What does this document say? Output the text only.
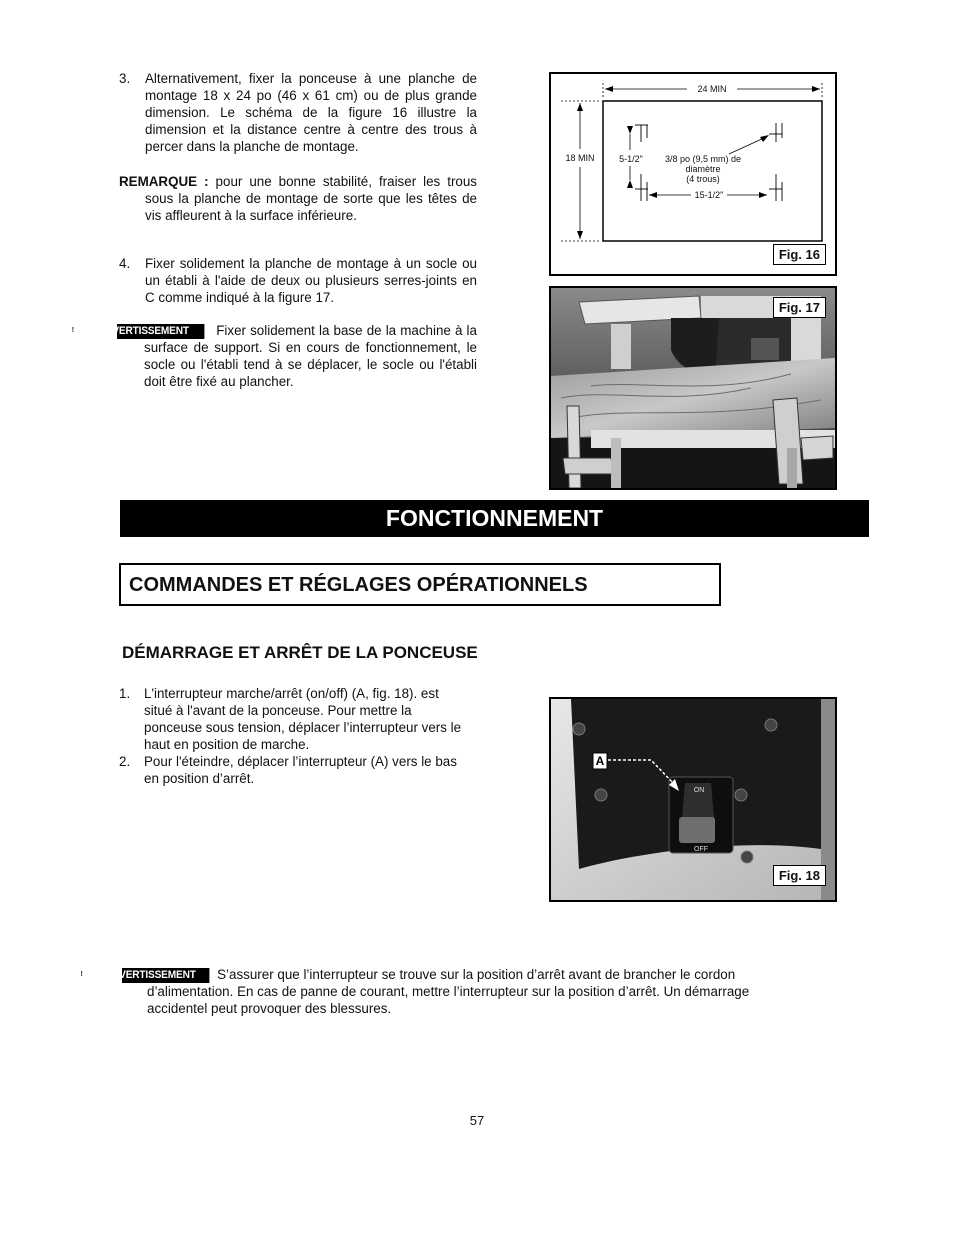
3. Alternativement, fixer la ponceuse à une planche de montage 18 x 24 po (46 x 61 cm) ou de plus grande dimension. Le schéma de la figure 16 illustre la dimension et la distance centre à centre des trous à percer dans la planche de montage.
REMARQUE : pour une bonne stabilité, fraiser les trous sous la planche de montage de sorte que les têtes de vis affleurent à la surface inférieure.
4. Fixer solidement la planche de montage à un socle ou un établi à l'aide de deux ou plusieurs serres-joints en C comme indiqué à la figure 17.
!AVERTISSEMENT Fixer solidement la base de la machine à la surface de support. Si en cours de fonctionnement, le socle ou l'établi tend à se déplacer, le socle ou l'établi doit être fixé au plancher.
24 MIN
18 MIN	5-1/2" 3/8 po (9,5 mm) de
diamètre
(4 trous)
15-1/2"
Fig. 16
Fig. 17
FONCTIONNEMENT
COMMANDES ET RÉGLAGES OPÉRATIONNELS
DÉMARRAGE ET ARRÊT DE LA PONCEUSE
1. L'interrupteur marche/arrêt (on/off) (A, fig. 18). est situé à l'avant de la ponceuse. Pour mettre la ponceuse sous tension, déplacer l’interrupteur vers le haut en position de marche.
2. Pour l'éteindre, déplacer l’interrupteur (A) vers le bas en position d’arrêt.
ON
OFF
A
Fig. 18
!AVERTISSEMENT S’assurer que l’interrupteur se trouve sur la position d’arrêt avant de brancher le cordon d’alimentation. En cas de panne de courant, mettre l’interrupteur sur la position d’arrêt. Un démarrage accidentel peut provoquer des blessures.
57
